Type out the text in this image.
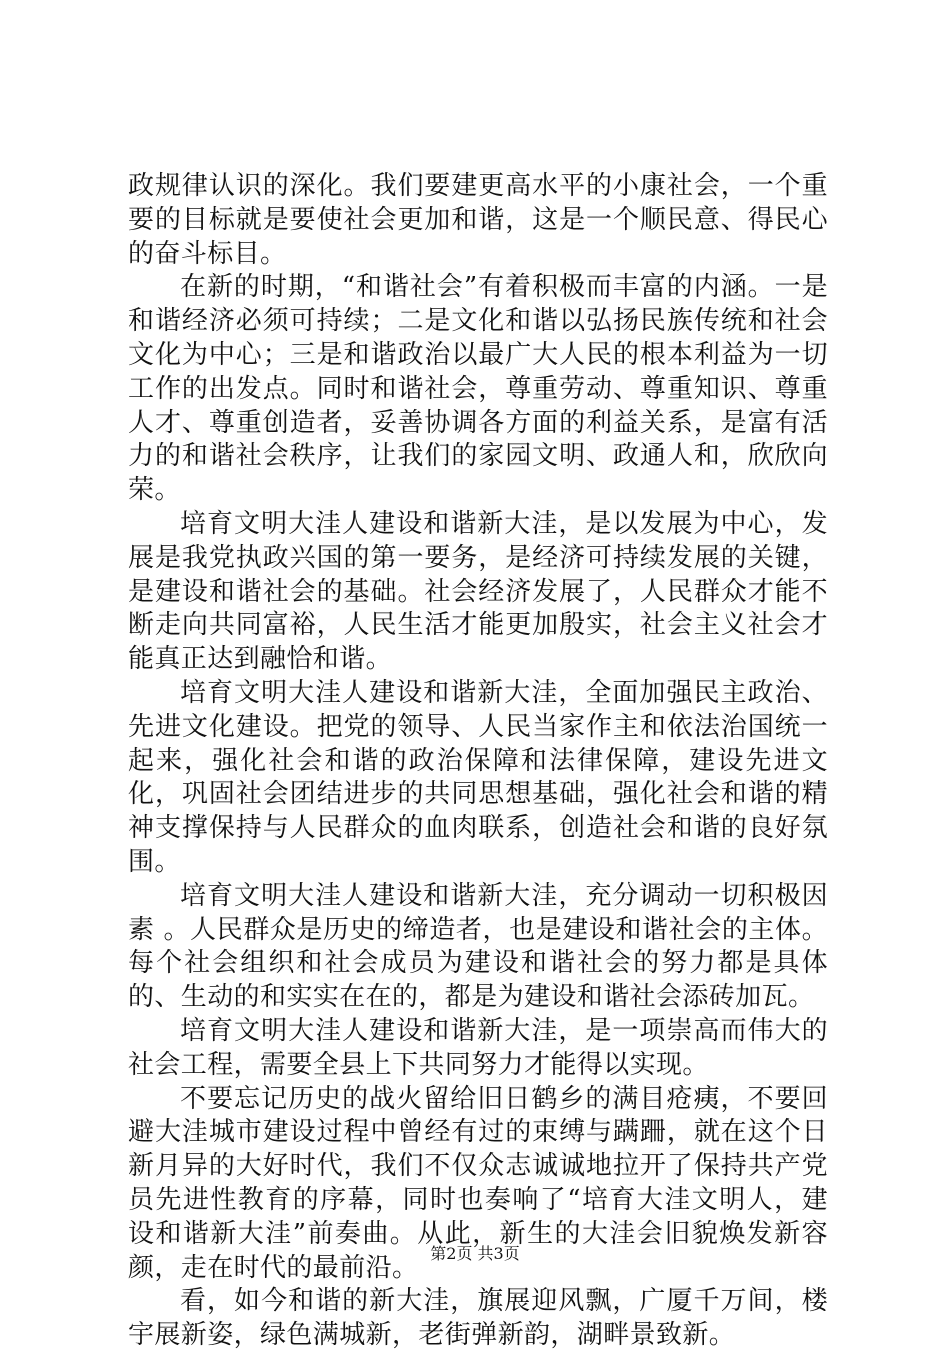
政规律认识的深化。我们要建更高水平的小康社会，一个重要的目标就是要使社会更加和谐，这是一个顺民意、得民心的奋斗标目。

在新的时期，“和谐社会”有着积极而丰富的内涵。一是和谐经济必须可持续；二是文化和谐以弘扬民族传统和社会文化为中心；三是和谐政治以最广大人民的根本利益为一切工作的出发点。同时和谐社会，尊重劳动、尊重知识、尊重人才、尊重创造者，妥善协调各方面的利益关系，是富有活力的和谐社会秩序，让我们的家园文明、政通人和，欣欣向荣。

培育文明大洼人建设和谐新大洼，是以发展为中心，发展是我党执政兴国的第一要务，是经济可持续发展的关键，是建设和谐社会的基础。社会经济发展了，人民群众才能不断走向共同富裕，人民生活才能更加殷实，社会主义社会才能真正达到融恰和谐。

培育文明大洼人建设和谐新大洼，全面加强民主政治、先进文化建设。把党的领导、人民当家作主和依法治国统一起来，强化社会和谐的政治保障和法律保障，建设先进文化，巩固社会团结进步的共同思想基础，强化社会和谐的精神支撑保持与人民群众的血肉联系，创造社会和谐的良好氛围。

培育文明大洼人建设和谐新大洼，充分调动一切积极因素 。人民群众是历史的缔造者，也是建设和谐社会的主体。每个社会组织和社会成员为建设和谐社会的努力都是具体的、生动的和实实在在的，都是为建设和谐社会添砖加瓦。

培育文明大洼人建设和谐新大洼，是一项崇高而伟大的社会工程，需要全县上下共同努力才能得以实现。

不要忘记历史的战火留给旧日鹤乡的满目疮痍，不要回避大洼城市建设过程中曾经有过的束缚与蹒跚，就在这个日新月异的大好时代，我们不仅众志诚诚地拉开了保持共产党员先进性教育的序幕，同时也奏响了“培育大洼文明人，建设和谐新大洼”前奏曲。从此，新生的大洼会旧貌焕发新容颜，走在时代的最前沿。

看，如今和谐的新大洼，旗展迎风飘，广厦千万间，楼宇展新姿，绿色满城新，老街弹新韵，湖畔景致新。

第2页 共3页
